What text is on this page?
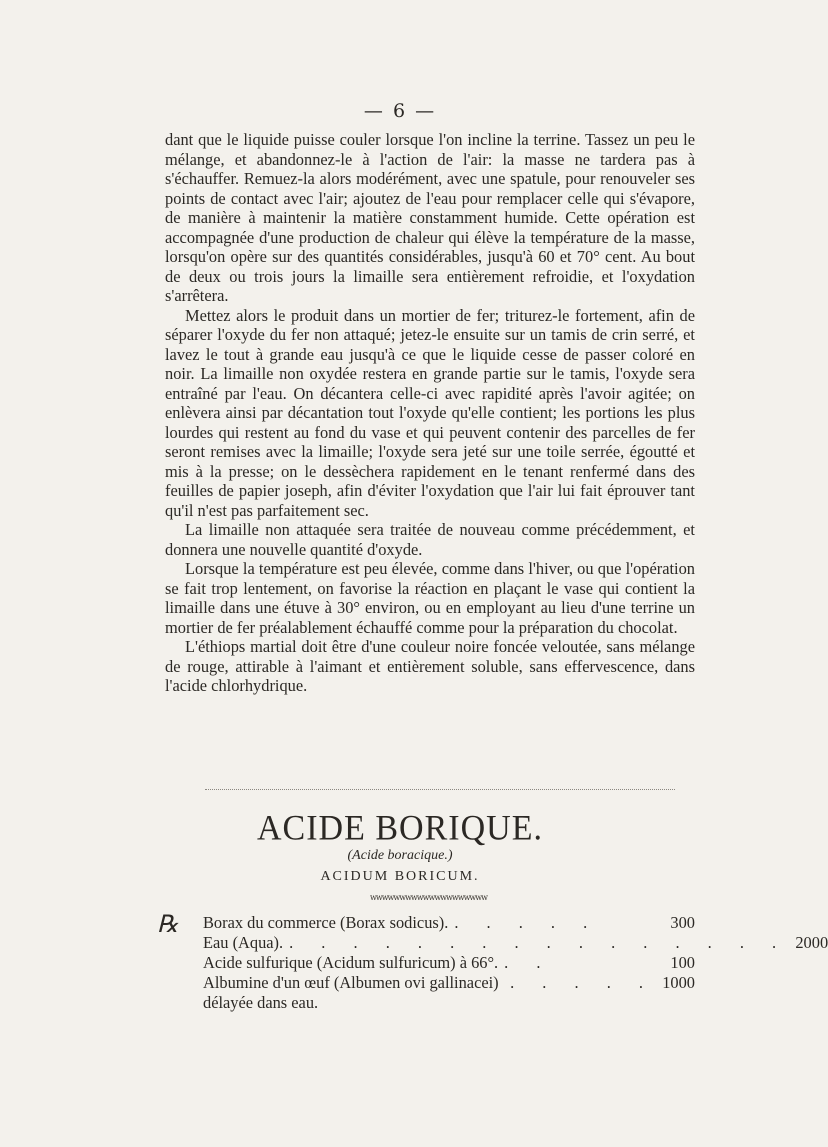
— 6 —

dant que le liquide puisse couler lorsque l'on incline la terrine. Tassez un peu le mélange, et abandonnez-le à l'action de l'air: la masse ne tardera pas à s'échauffer. Remuez-la alors modérément, avec une spatule, pour renouveler ses points de contact avec l'air; ajoutez de l'eau pour remplacer celle qui s'évapore, de manière à maintenir la matière constamment humide. Cette opération est accompagnée d'une production de chaleur qui élève la température de la masse, lorsqu'on opère sur des quantités considérables, jusqu'à 60 et 70° cent. Au bout de deux ou trois jours la limaille sera entièrement refroidie, et l'oxydation s'arrêtera.

Mettez alors le produit dans un mortier de fer; triturez-le fortement, afin de séparer l'oxyde du fer non attaqué; jetez-le ensuite sur un tamis de crin serré, et lavez le tout à grande eau jusqu'à ce que le liquide cesse de passer coloré en noir. La limaille non oxydée restera en grande partie sur le tamis, l'oxyde sera entraîné par l'eau. On décantera celle-ci avec rapidité après l'avoir agitée; on enlèvera ainsi par décantation tout l'oxyde qu'elle contient; les portions les plus lourdes qui restent au fond du vase et qui peuvent contenir des parcelles de fer seront remises avec la limaille; l'oxyde sera jeté sur une toile serrée, égoutté et mis à la presse; on le dessèchera rapidement en le tenant renfermé dans des feuilles de papier joseph, afin d'éviter l'oxydation que l'air lui fait éprouver tant qu'il n'est pas parfaitement sec.

La limaille non attaquée sera traitée de nouveau comme précédemment, et donnera une nouvelle quantité d'oxyde.

Lorsque la température est peu élevée, comme dans l'hiver, ou que l'opération se fait trop lentement, on favorise la réaction en plaçant le vase qui contient la limaille dans une étuve à 30° environ, ou en employant au lieu d'une terrine un mortier de fer préalablement échauffé comme pour la préparation du chocolat.

L'éthiops martial doit être d'une couleur noire foncée veloutée, sans mélange de rouge, attirable à l'aimant et entièrement soluble, sans effervescence, dans l'acide chlorhydrique.

ACIDE BORIQUE.
(Acide boracique.)
ACIDUM BORICUM.
wwwwwwwwwwwwwwwwwwww
℞ Borax du commerce (Borax sodicus). . . . . .	300
Eau (Aqua). . . . . . . . . . . . . . . . . 2000
Acide sulfurique (Acidum sulfuricum) à 66°. . .	100
Albumine d'un œuf (Albumen ovi gallinacei) délayée dans eau.
. . . . . 1000
